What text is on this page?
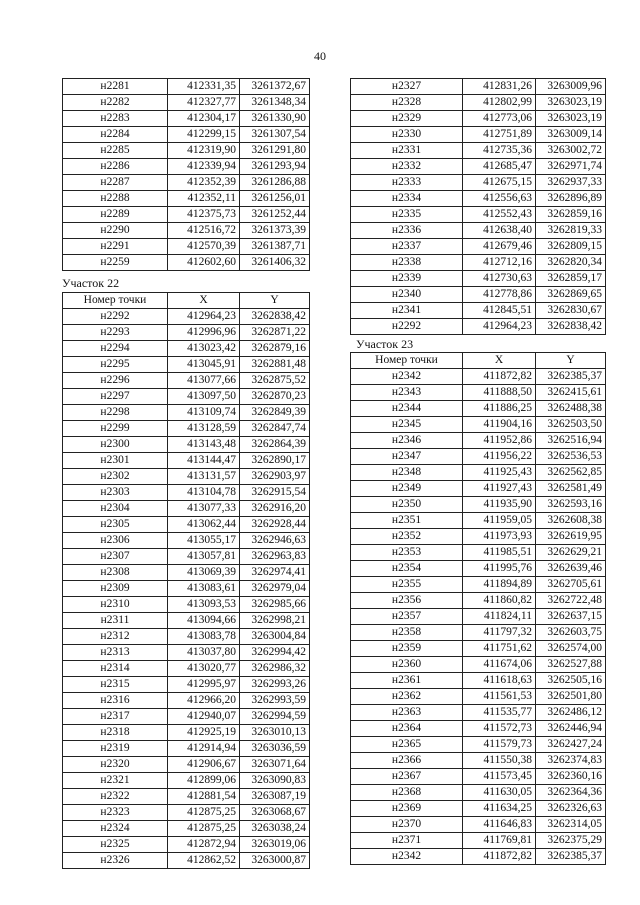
40
н2281	412331,35	3261372,67
н2282	412327,77	3261348,34
н2283	412304,17	3261330,90
н2284	412299,15	3261307,54
н2285	412319,90	3261291,80
н2286	412339,94	3261293,94
н2287	412352,39	3261286,88
н2288	412352,11	3261256,01
н2289	412375,73	3261252,44
н2290	412516,72	3261373,39
н2291	412570,39	3261387,71
н2259	412602,60	3261406,32
Участок 22
Номер точки	X	Y
н2292	412964,23	3262838,42
н2293	412996,96	3262871,22
н2294	413023,42	3262879,16
н2295	413045,91	3262881,48
н2296	413077,66	3262875,52
н2297	413097,50	3262870,23
н2298	413109,74	3262849,39
н2299	413128,59	3262847,74
н2300	413143,48	3262864,39
н2301	413144,47	3262890,17
н2302	413131,57	3262903,97
н2303	413104,78	3262915,54
н2304	413077,33	3262916,20
н2305	413062,44	3262928,44
н2306	413055,17	3262946,63
н2307	413057,81	3262963,83
н2308	413069,39	3262974,41
н2309	413083,61	3262979,04
н2310	413093,53	3262985,66
н2311	413094,66	3262998,21
н2312	413083,78	3263004,84
н2313	413037,80	3262994,42
н2314	413020,77	3262986,32
н2315	412995,97	3262993,26
н2316	412966,20	3262993,59
н2317	412940,07	3262994,59
н2318	412925,19	3263010,13
н2319	412914,94	3263036,59
н2320	412906,67	3263071,64
н2321	412899,06	3263090,83
н2322	412881,54	3263087,19
н2323	412875,25	3263068,67
н2324	412875,25	3263038,24
н2325	412872,94	3263019,06
н2326	412862,52	3263000,87
н2327	412831,26	3263009,96
н2328	412802,99	3263023,19
н2329	412773,06	3263023,19
н2330	412751,89	3263009,14
н2331	412735,36	3263002,72
н2332	412685,47	3262971,74
н2333	412675,15	3262937,33
н2334	412556,63	3262896,89
н2335	412552,43	3262859,16
н2336	412638,40	3262819,33
н2337	412679,46	3262809,15
н2338	412712,16	3262820,34
н2339	412730,63	3262859,17
н2340	412778,86	3262869,65
н2341	412845,51	3262830,67
н2292	412964,23	3262838,42
Участок 23
Номер точки	X	Y
н2342	411872,82	3262385,37
н2343	411888,50	3262415,61
н2344	411886,25	3262488,38
н2345	411904,16	3262503,50
н2346	411952,86	3262516,94
н2347	411956,22	3262536,53
н2348	411925,43	3262562,85
н2349	411927,43	3262581,49
н2350	411935,90	3262593,16
н2351	411959,05	3262608,38
н2352	411973,93	3262619,95
н2353	411985,51	3262629,21
н2354	411995,76	3262639,46
н2355	411894,89	3262705,61
н2356	411860,82	3262722,48
н2357	411824,11	3262637,15
н2358	411797,32	3262603,75
н2359	411751,62	3262574,00
н2360	411674,06	3262527,88
н2361	411618,63	3262505,16
н2362	411561,53	3262501,80
н2363	411535,77	3262486,12
н2364	411572,73	3262446,94
н2365	411579,73	3262427,24
н2366	411550,38	3262374,83
н2367	411573,45	3262360,16
н2368	411630,05	3262364,36
н2369	411634,25	3262326,63
н2370	411646,83	3262314,05
н2371	411769,81	3262375,29
н2342	411872,82	3262385,37
